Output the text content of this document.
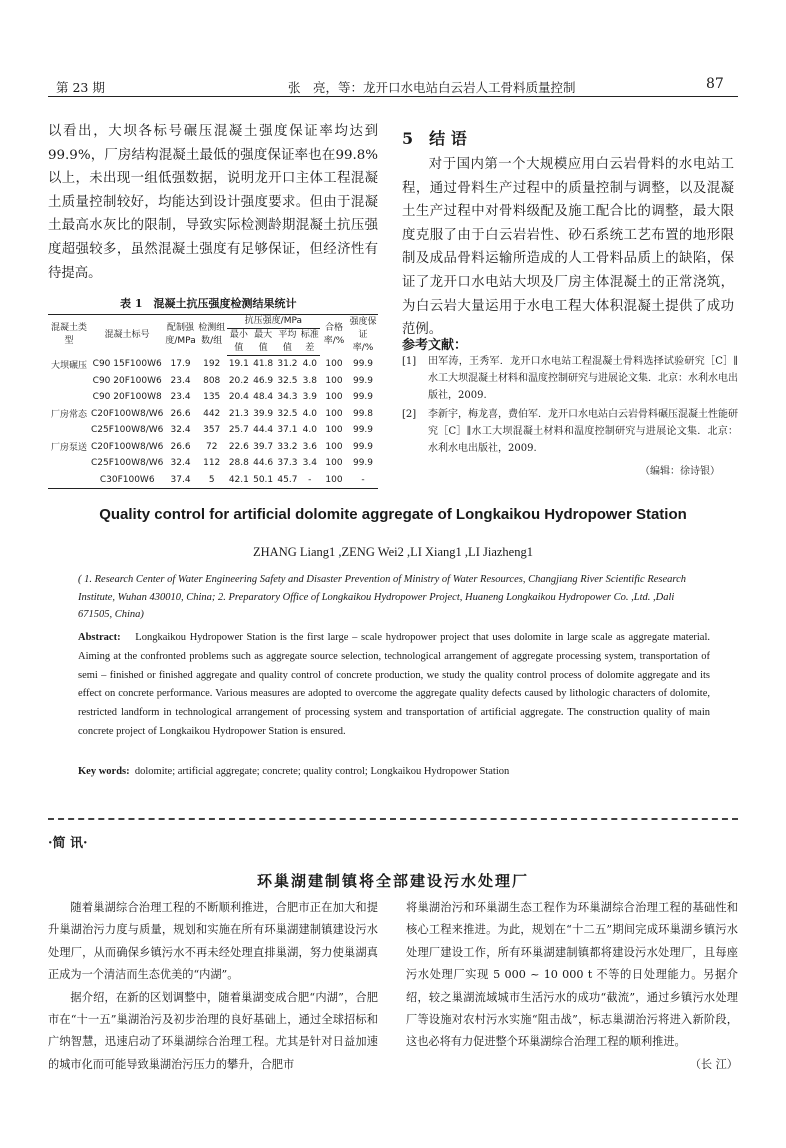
第 23 期	张　亮，等：龙开口水电站白云岩人工骨料质量控制	87
以看出，大坝各标号碾压混凝土强度保证率均达到99.9%，厂房结构混凝土最低的强度保证率也在99.8%以上，未出现一组低强数据，说明龙开口主体工程混凝土质量控制较好，均能达到设计强度要求。但由于混凝土最高水灰比的限制，导致实际检测龄期混凝土抗压强度超强较多，虽然混凝土强度有足够保证，但经济性有待提高。
表 1　混凝土抗压强度检测结果统计
混凝土类型	混凝土标号	配制强度/MPa	检测组数/组	抗压强度/MPa				合格率/%	强度保证率/%
				最小值	最大值	平均值	标准差		
大坝碾压	C90 15F100W6	17.9	192	19.1	41.8	31.2	4.0	100	99.9
	C90 20F100W6	23.4	808	20.2	46.9	32.5	3.8	100	99.9
	C90 20F100W8	23.4	135	20.4	48.4	34.3	3.9	100	99.9
厂房常态	C20F100W8/W6	26.6	442	21.3	39.9	32.5	4.0	100	99.8
	C25F100W8/W6	32.4	357	25.7	44.4	37.1	4.0	100	99.9
厂房泵送	C20F100W8/W6	26.6	72	22.6	39.7	33.2	3.6	100	99.9
	C25F100W8/W6	32.4	112	28.8	44.6	37.3	3.4	100	99.9
	C30F100W6	37.4	5	42.1	50.1	45.7	-	100	-
5　结 语
对于国内第一个大规模应用白云岩骨料的水电站工程，通过骨料生产过程中的质量控制与调整，以及混凝土生产过程中对骨料级配及施工配合比的调整，最大限度克服了由于白云岩岩性、砂石系统工艺布置的地形限制及成品骨料运输所造成的人工骨料品质上的缺陷，保证了龙开口水电站大坝及厂房主体混凝土的正常浇筑，为白云岩大量运用于水电工程大体积混凝土提供了成功范例。
参考文献：
[1] 田军涛，王秀军．龙开口水电站工程混凝土骨料选择试验研究［C］∥水工大坝混凝土材料和温度控制研究与进展论文集．北京：水利水电出版社，2009.
[2] 李新宇，梅龙喜，费伯军．龙开口水电站白云岩骨料碾压混凝土性能研究［C］∥水工大坝混凝土材料和温度控制研究与进展论文集．北京：水利水电出版社，2009.
（编辑：徐诗银）
Quality control for artificial dolomite aggregate of Longkaikou Hydropower Station
ZHANG Liang1 ,ZENG Wei2 ,LI Xiang1 ,LI Jiazheng1
( 1. Research Center of Water Engineering Safety and Disaster Prevention of Ministry of Water Resources, Changjiang River Scientific Research Institute, Wuhan 430010, China; 2. Preparatory Office of Longkaikou Hydropower Project, Huaneng Longkaikou Hydropower Co. ,Ltd. ,Dali 671505, China)
Abstract: Longkaikou Hydropower Station is the first large – scale hydropower project that uses dolomite in large scale as aggregate material. Aiming at the confronted problems such as aggregate source selection, technological arrangement of aggregate processing system, transportation of semi – finished or finished aggregate and quality control of concrete production, we study the quality control process of dolomite aggregate and its effect on concrete performance. Various measures are adopted to overcome the aggregate quality defects caused by lithologic characters of dolomite, restricted landform in technological arrangement of processing system and transportation of artificial aggregate. The construction quality of main concrete project of Longkaikou Hydropower Station is ensured.
Key words: dolomite; artificial aggregate; concrete; quality control; Longkaikou Hydropower Station
·简 讯·
环巢湖建制镇将全部建设污水处理厂
随着巢湖综合治理工程的不断顺利推进，合肥市正在加大和提升巢湖治污力度与质量，规划和实施在所有环巢湖建制镇建设污水处理厂，从而确保乡镇污水不再未经处理直排巢湖，努力使巢湖真正成为一个清洁而生态优美的“内湖”。
据介绍，在新的区划调整中，随着巢湖变成合肥“内湖”，合肥市在“十一五”巢湖治污及初步治理的良好基础上，通过全球招标和广纳智慧，迅速启动了环巢湖综合治理工程。尤其是针对日益加速的城市化而可能导致巢湖治污压力的攀升，合肥市
将巢湖治污和环巢湖生态工程作为环巢湖综合治理工程的基础性和核心工程来推进。为此，规划在“十二五”期间完成环巢湖乡镇污水处理厂建设工作，所有环巢湖建制镇都将建设污水处理厂，且每座污水处理厂实现 5 000 ~ 10 000 t 不等的日处理能力。另据介绍，较之巢湖流域城市生活污水的成功“截流”，通过乡镇污水处理厂等设施对农村污水实施“阻击战”，标志巢湖治污将进入新阶段，这也必将有力促进整个环巢湖综合治理工程的顺利推进。
（长 江）
